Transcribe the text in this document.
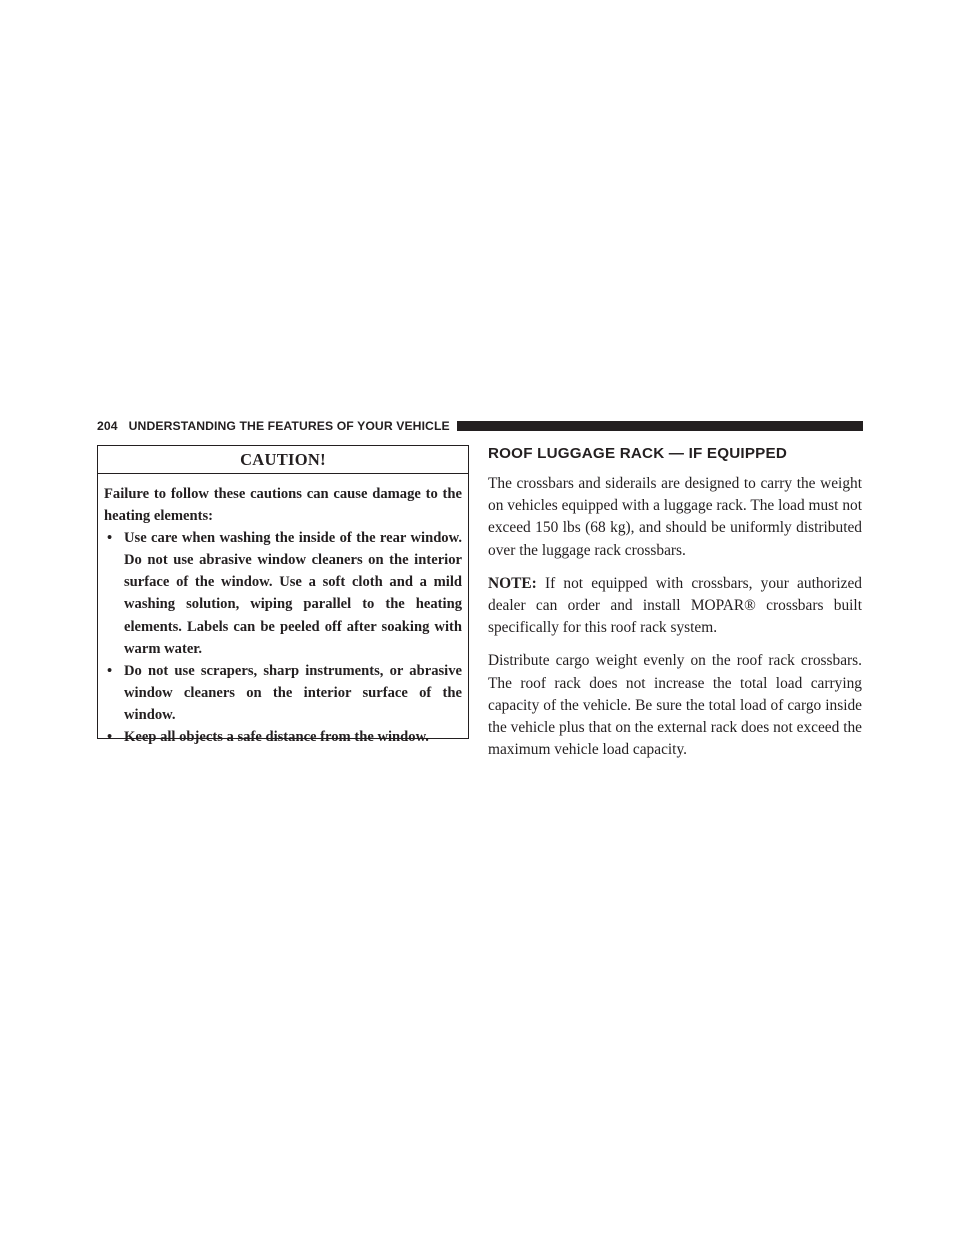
204 UNDERSTANDING THE FEATURES OF YOUR VEHICLE
CAUTION!

Failure to follow these cautions can cause damage to the heating elements:

• Use care when washing the inside of the rear window. Do not use abrasive window cleaners on the interior surface of the window. Use a soft cloth and a mild washing solution, wiping parallel to the heating elements. Labels can be peeled off after soaking with warm water.
• Do not use scrapers, sharp instruments, or abrasive window cleaners on the interior surface of the window.
• Keep all objects a safe distance from the window.
ROOF LUGGAGE RACK — IF EQUIPPED

The crossbars and siderails are designed to carry the weight on vehicles equipped with a luggage rack. The load must not exceed 150 lbs (68 kg), and should be uniformly distributed over the luggage rack crossbars.

NOTE: If not equipped with crossbars, your authorized dealer can order and install MOPAR® crossbars built specifically for this roof rack system.

Distribute cargo weight evenly on the roof rack crossbars. The roof rack does not increase the total load carrying capacity of the vehicle. Be sure the total load of cargo inside the vehicle plus that on the external rack does not exceed the maximum vehicle load capacity.
